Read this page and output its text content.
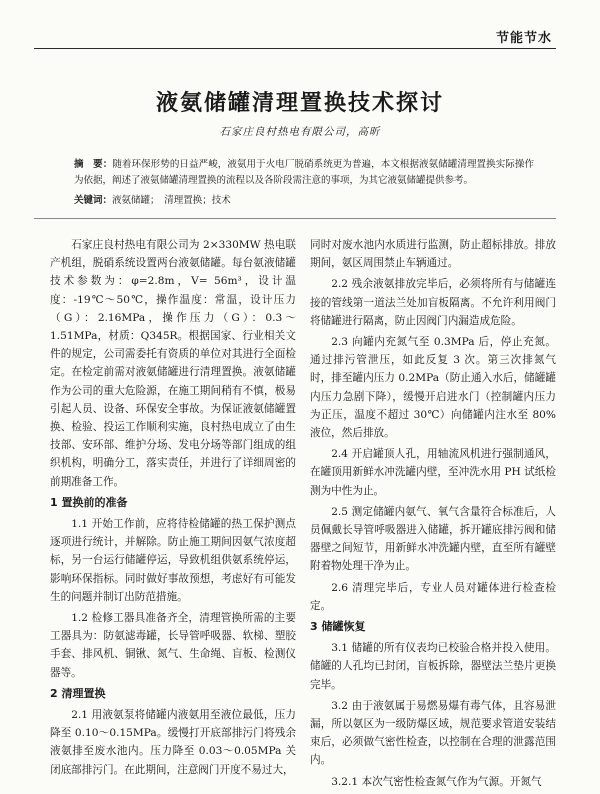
节能节水
液氨储罐清理置换技术探讨
石家庄良村热电有限公司，高昕
摘　要：随着环保形势的日益严峻，液氨用于火电厂脱硝系统更为普遍，本文根据液氨储罐清理置换实际操作为依据，阐述了液氨储罐清理置换的流程以及各阶段需注意的事项，为其它液氨储罐提供参考。
关键词：液氨储罐；　清理置换；技术

石家庄良村热电有限公司为 2×330MW 热电联产机组，脱硝系统设置两台液氨储罐。每台氨液储罐技术参数为：φ=2.8m，V= 56m³，设计温度：-19℃～50℃，操作温度：常温，设计压力（G）：2.16MPa，操作压力（G）：0.3～1.51MPa，材质：Q345R。根据国家、行业相关文件的规定，公司需委托有资质的单位对其进行全面检定。在检定前需对液氨储罐进行清理置换。液氨储罐作为公司的重大危险源，在施工期间稍有不慎，极易引起人员、设备、环保安全事故。为保证液氨储罐置换、检验、投运工作顺利实施，良村热电成立了由生技部、安环部、维护分场、发电分场等部门组成的组织机构，明确分工，落实责任，并进行了详细周密的前期准备工作。

1 置换前的准备

1.1 开始工作前，应将待检储罐的热工保护测点逐项进行统计，并解除。防止施工期间因氨气浓度超标，另一台运行储罐停运，导致机组供氨系统停运，影响环保指标。同时做好事故预想，考虑好有可能发生的问题并制订出防范措施。

1.2 检修工器具准备齐全，清理管换所需的主要工器具为：防氨滤毒罐，长导管呼吸器、软梯、塑胶手套、排风机、铜锹、氮气、生命绳、盲板、检测仪器等。

2 清理置换

2.1 用液氨泵将储罐内液氨用至液位最低，压力降至 0.10～0.15MPa。缓慢打开底部排污门将残余液氨排至废水池内。压力降至 0.03～0.05MPa 关闭底部排污门。在此期间，注意阀门开度不易过大，

同时对废水池内水质进行监测，防止超标排放。排放期间，氨区周围禁止车辆通过。

2.2 残余液氨排放完毕后，必须将所有与储罐连接的管线第一道法兰处加盲板隔离。不允许利用阀门将储罐进行隔离，防止因阀门内漏造成危险。

2.3 向罐内充氮气至 0.3MPa 后，停止充氮。通过排污管泄压，如此反复 3 次。第三次排氮气时，排至罐内压力 0.2MPa（防止通入水后，储罐罐内压力急剧下降），缓慢开启进水门（控制罐内压力为正压，温度不超过 30℃）向储罐内注水至 80%液位，然后排放。

2.4 开启罐顶人孔，用轴流风机进行强制通风，在罐顶用新鲜水冲洗罐内壁，至冲洗水用 PH 试纸检测为中性为止。

2.5 测定储罐内氨气、氧气含量符合标准后，人员佩戴长导管呼吸器进入储罐，拆开罐底排污阀和储器壁之间短节，用新鲜水冲洗罐内壁，直至所有罐壁附着物处理干净为止。

2.6 清理完毕后，专业人员对罐体进行检查检定。

3 储罐恢复

3.1 储罐的所有仪表均已校验合格并投入使用。储罐的人孔均已封闭，盲板拆除，器壁法兰垫片更换完毕。

3.2 由于液氨属于易燃易爆有毒气体，且容易泄漏，所以氨区为一级防爆区域，规范要求管道安装结束后，必须做气密性检查，以控制在合理的泄露范围内。

3.2.1 本次气密性检查氮气作为气源。开氮气
